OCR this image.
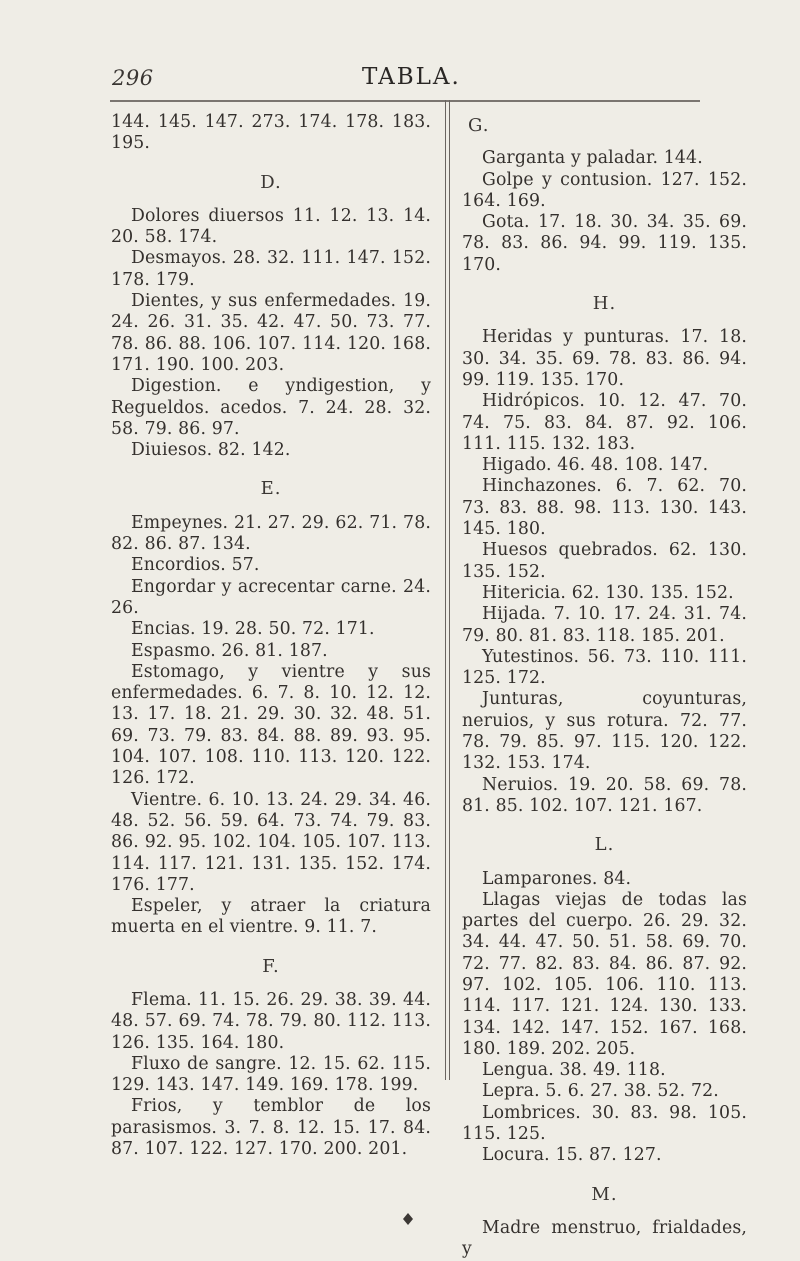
296	TABLA.

144. 145. 147. 273. 174. 178. 183. 195.

D.

Dolores diuersos 11. 12. 13. 14. 20. 58. 174.

Desmayos. 28. 32. 111. 147. 152. 178. 179.

Dientes, y sus enfermedades. 19. 24. 26. 31. 35. 42. 47. 50. 73. 77. 78. 86. 88. 106. 107. 114. 120. 168. 171. 190. 100. 203.

Digestion. e yndigestion, y Regueldos. acedos. 7. 24. 28. 32. 58. 79. 86. 97.

Diuiesos. 82. 142.

E.

Empeynes. 21. 27. 29. 62. 71. 78. 82. 86. 87. 134.

Encordios. 57.

Engordar y acrecentar carne. 24. 26.

Encias. 19. 28. 50. 72. 171.

Espasmo. 26. 81. 187.

Estomago, y vientre y sus enfermedades. 6. 7. 8. 10. 12. 12. 13. 17. 18. 21. 29. 30. 32. 48. 51. 69. 73. 79. 83. 84. 88. 89. 93. 95. 104. 107. 108. 110. 113. 120. 122. 126. 172.

Vientre. 6. 10. 13. 24. 29. 34. 46. 48. 52. 56. 59. 64. 73. 74. 79. 83. 86. 92. 95. 102. 104. 105. 107. 113. 114. 117. 121. 131. 135. 152. 174. 176. 177.

Espeler, y atraer la criatura muerta en el vientre. 9. 11. 7.

F.

Flema. 11. 15. 26. 29. 38. 39. 44. 48. 57. 69. 74. 78. 79. 80. 112. 113. 126. 135. 164. 180.

Fluxo de sangre. 12. 15. 62. 115. 129. 143. 147. 149. 169. 178. 199.

Frios, y temblor de los parasismos. 3. 7. 8. 12. 15. 17. 84. 87. 107. 122. 127. 170. 200. 201.

G.

Garganta y paladar. 144.

Golpe y contusion. 127. 152. 164. 169.

Gota. 17. 18. 30. 34. 35. 69. 78. 83. 86. 94. 99. 119. 135. 170.

H.

Heridas y punturas. 17. 18. 30. 34. 35. 69. 78. 83. 86. 94. 99. 119. 135. 170.

Hidrópicos. 10. 12. 47. 70. 74. 75. 83. 84. 87. 92. 106. 111. 115. 132. 183.

Higado. 46. 48. 108. 147.

Hinchazones. 6. 7. 62. 70. 73. 83. 88. 98. 113. 130. 143. 145. 180.

Huesos quebrados. 62. 130. 135. 152.

Hitericia. 62. 130. 135. 152.

Hijada. 7. 10. 17. 24. 31. 74. 79. 80. 81. 83. 118. 185. 201.

Yutestinos. 56. 73. 110. 111. 125. 172.

Junturas, coyunturas, neruios, y sus rotura. 72. 77. 78. 79. 85. 97. 115. 120. 122. 132. 153. 174.

Neruios. 19. 20. 58. 69. 78. 81. 85. 102. 107. 121. 167.

L.

Lamparones. 84.

Llagas viejas de todas las partes del cuerpo. 26. 29. 32. 34. 44. 47. 50. 51. 58. 69. 70. 72. 77. 82. 83. 84. 86. 87. 92. 97. 102. 105. 106. 110. 113. 114. 117. 121. 124. 130. 133. 134. 142. 147. 152. 167. 168. 180. 189. 202. 205.

Lengua. 38. 49. 118.

Lepra. 5. 6. 27. 38. 52. 72.

Lombrices. 30. 83. 98. 105. 115. 125.

Locura. 15. 87. 127.

M.

Madre menstruo, frialdades, y
